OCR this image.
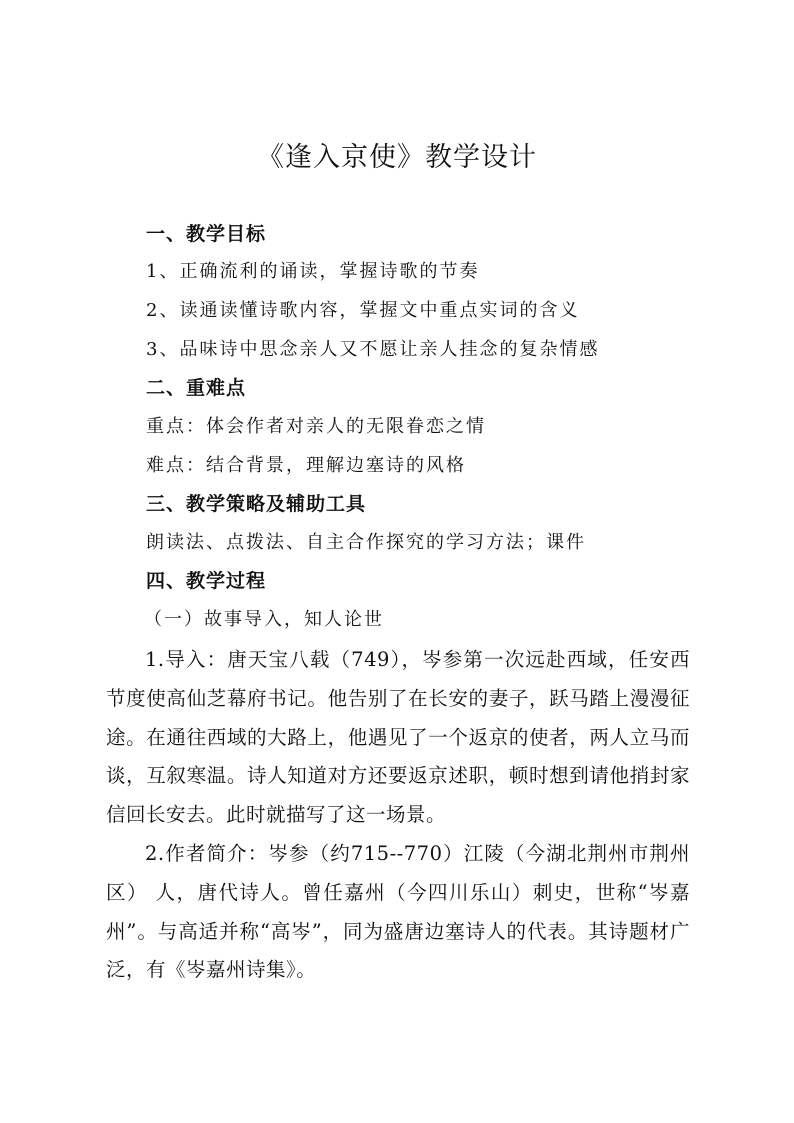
《逢入京使》教学设计
一、教学目标
1、正确流利的诵读，掌握诗歌的节奏
2、读通读懂诗歌内容，掌握文中重点实词的含义
3、品味诗中思念亲人又不愿让亲人挂念的复杂情感
二、重难点
重点：体会作者对亲人的无限眷恋之情
难点：结合背景，理解边塞诗的风格
三、教学策略及辅助工具
朗读法、点拨法、自主合作探究的学习方法；课件
四、教学过程
（一）故事导入，知人论世
1.导入：唐天宝八载（749），岑参第一次远赴西域，任安西节度使高仙芝幕府书记。他告别了在长安的妻子，跃马踏上漫漫征途。在通往西域的大路上，他遇见了一个返京的使者，两人立马而谈，互叙寒温。诗人知道对方还要返京述职，顿时想到请他捎封家信回长安去。此时就描写了这一场景。
2.作者简介：岑参（约715--770）江陵（今湖北荆州市荆州区） 人，唐代诗人。曾任嘉州（今四川乐山）刺史，世称“岑嘉州”。与高适并称“高岑”，同为盛唐边塞诗人的代表。其诗题材广泛，有《岑嘉州诗集》。
